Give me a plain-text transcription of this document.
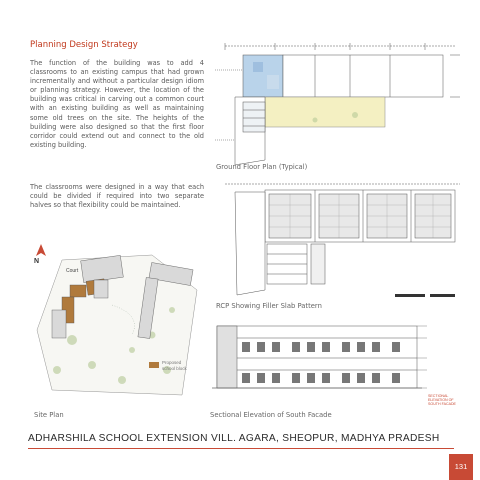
Planning Design Strategy
The function of the building was to add 4 classrooms to an existing campus that had grown incrementally and without a particular design idiom or planning strategy. However, the location of the building was critical in carving out a common court with an existing building as well as maintaining some old trees on the site. The heights of the building were also designed so that the first floor corridor could extend out and connect to the old existing building.
The classrooms were designed in a way that each could be divided if required into two separate halves so that flexibility could be maintained.
Ground Floor Plan (Typical)
RCP Showing Filler Slab Pattern
N
Court
Proposed school block
Site Plan
SECTIONAL ELEVATION OF SOUTH FACADE
Sectional Elevation of South Facade
ADHARSHILA SCHOOL EXTENSION VILL. AGARA, SHEOPUR, MADHYA PRADESH
131
